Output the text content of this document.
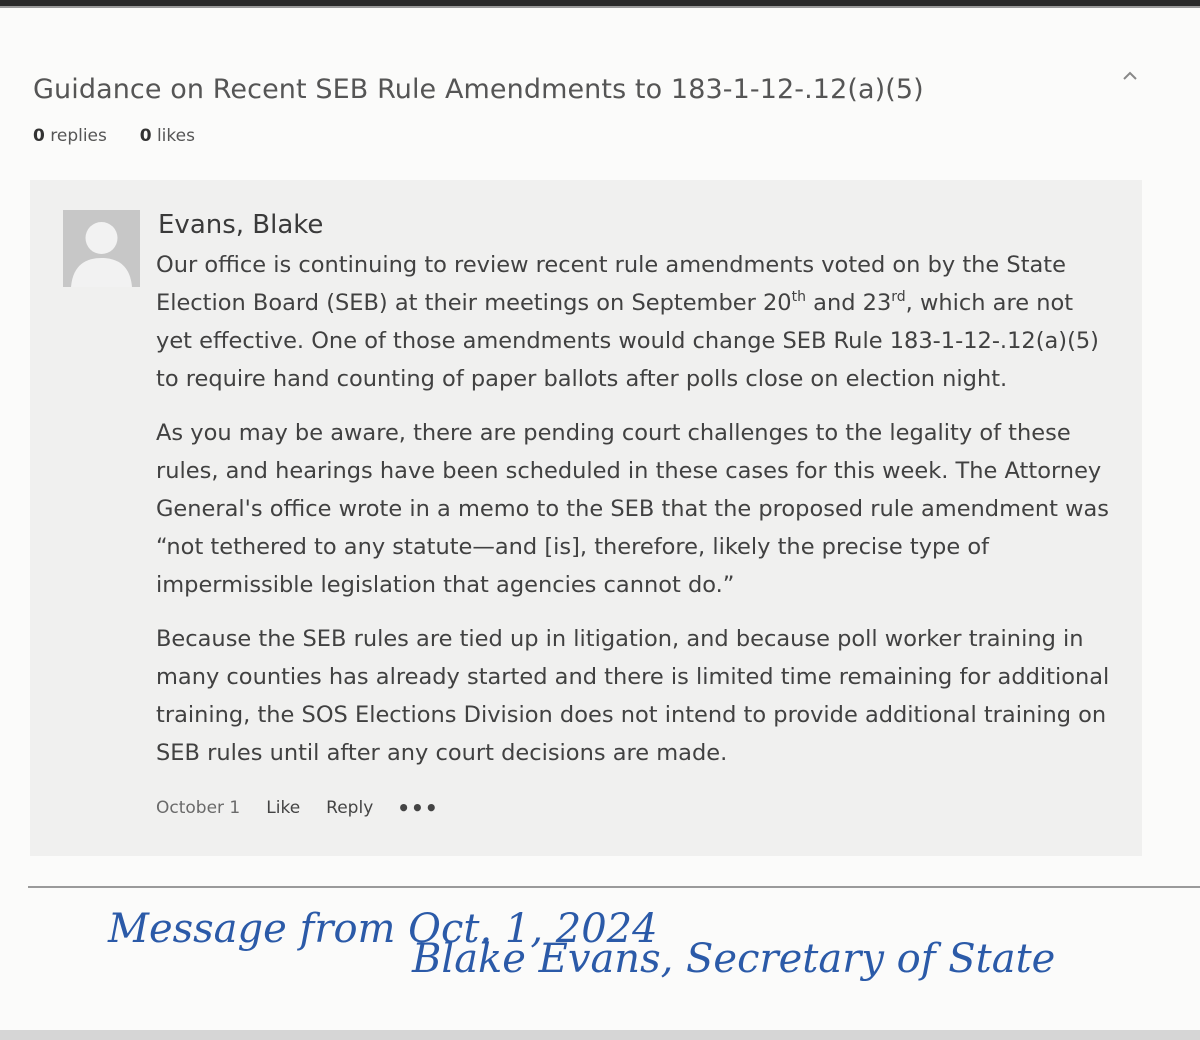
Guidance on Recent SEB Rule Amendments to 183-1-12-.12(a)(5)
0 replies 0 likes
Evans, Blake

Our office is continuing to review recent rule amendments voted on by the State Election Board (SEB) at their meetings on September 20th and 23rd, which are not yet effective. One of those amendments would change SEB Rule 183-1-12-.12(a)(5) to require hand counting of paper ballots after polls close on election night.

As you may be aware, there are pending court challenges to the legality of these rules, and hearings have been scheduled in these cases for this week. The Attorney General's office wrote in a memo to the SEB that the proposed rule amendment was “not tethered to any statute—and [is], therefore, likely the precise type of impermissible legislation that agencies cannot do.”

Because the SEB rules are tied up in litigation, and because poll worker training in many counties has already started and there is limited time remaining for additional training, the SOS Elections Division does not intend to provide additional training on SEB rules until after any court decisions are made.

October 1 Like Reply •••
Message from Oct. 1, 2024
Blake Evans, Secretary of State
